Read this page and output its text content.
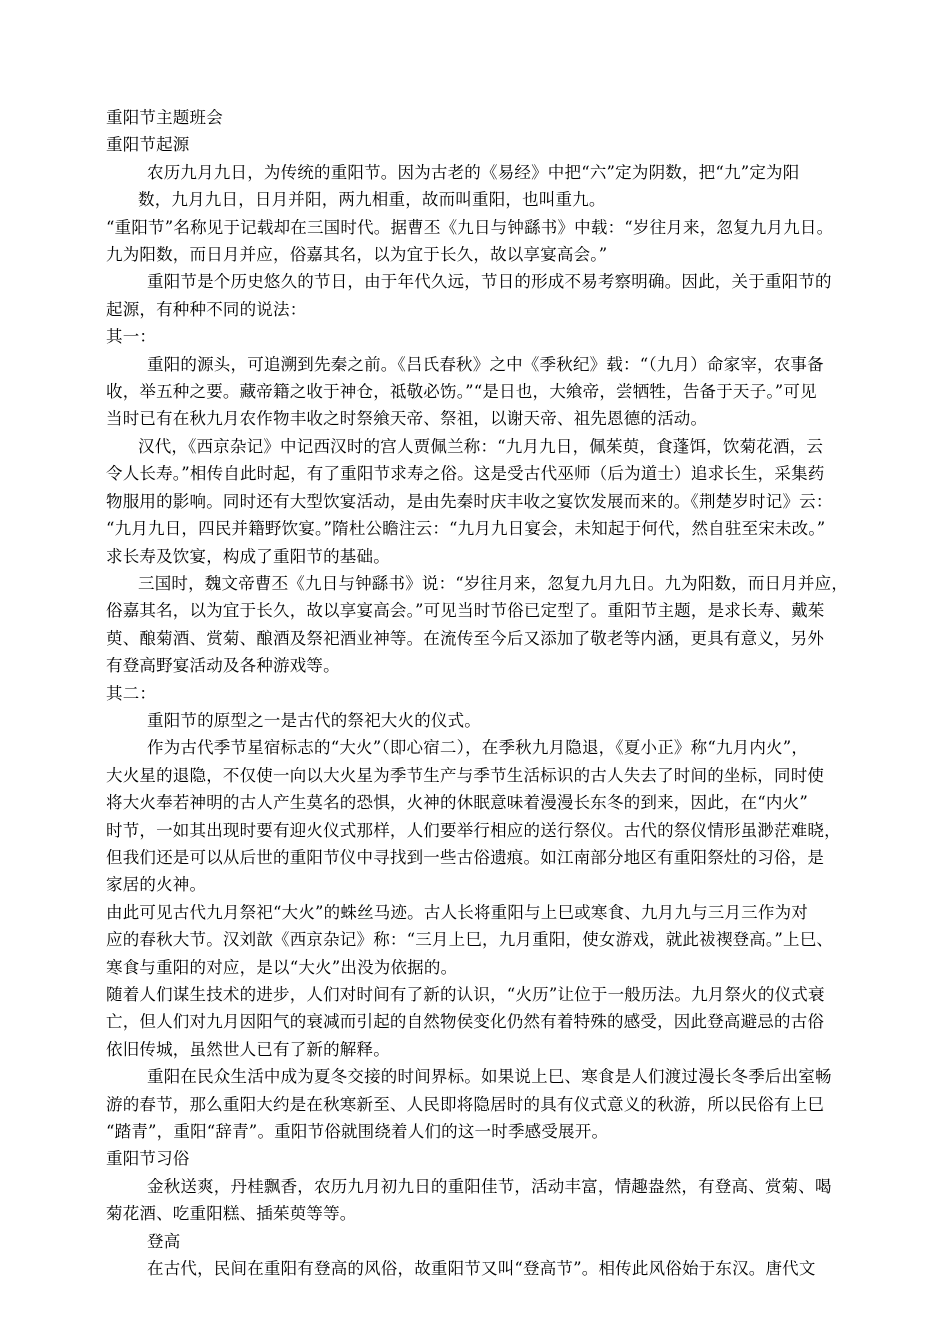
重阳节主题班会
重阳节起源
农历九月九日，为传统的重阳节。因为古老的《易经》中把“六”定为阴数，把“九”定为阳
数，九月九日，日月并阳，两九相重，故而叫重阳，也叫重九。
“重阳节”名称见于记载却在三国时代。据曹丕《九日与钟繇书》中载：“岁往月来，忽复九月九日。
九为阳数，而日月并应，俗嘉其名，以为宜于长久，故以享宴高会。”
重阳节是个历史悠久的节日，由于年代久远，节日的形成不易考察明确。因此，关于重阳节的
起源，有种种不同的说法：
其一：
重阳的源头，可追溯到先秦之前。《吕氏春秋》之中《季秋纪》载：“（九月）命家宰，农事备
收，举五种之要。藏帝籍之收于神仓，祗敬必饬。”“是日也，大飨帝，尝牺牲，告备于天子。”可见
当时已有在秋九月农作物丰收之时祭飨天帝、祭祖，以谢天帝、祖先恩德的活动。
汉代，《西京杂记》中记西汉时的宫人贾佩兰称：“九月九日，佩茱萸，食蓬饵，饮菊花酒，云
令人长寿。”相传自此时起，有了重阳节求寿之俗。这是受古代巫师（后为道士）追求长生，采集药
物服用的影响。同时还有大型饮宴活动，是由先秦时庆丰收之宴饮发展而来的。《荆楚岁时记》云：
“九月九日，四民并籍野饮宴。”隋杜公瞻注云：“九月九日宴会，未知起于何代，然自驻至宋未改。”
求长寿及饮宴，构成了重阳节的基础。
三国时，魏文帝曹丕《九日与钟繇书》说：“岁往月来，忽复九月九日。九为阳数，而日月并应，
俗嘉其名，以为宜于长久，故以享宴高会。”可见当时节俗已定型了。重阳节主题，是求长寿、戴茱
萸、酿菊酒、赏菊、酿酒及祭祀酒业神等。在流传至今后又添加了敬老等内涵，更具有意义，另外
有登高野宴活动及各种游戏等。
其二：
重阳节的原型之一是古代的祭祀大火的仪式。
作为古代季节星宿标志的“大火”（即心宿二），在季秋九月隐退，《夏小正》称“九月内火”，
大火星的退隐，不仅使一向以大火星为季节生产与季节生活标识的古人失去了时间的坐标，同时使
将大火奉若神明的古人产生莫名的恐惧，火神的休眠意味着漫漫长东冬的到来，因此，在“内火”
时节，一如其出现时要有迎火仪式那样，人们要举行相应的送行祭仪。古代的祭仪情形虽渺茫难晓，
但我们还是可以从后世的重阳节仪中寻找到一些古俗遗痕。如江南部分地区有重阳祭灶的习俗，是
家居的火神。
由此可见古代九月祭祀“大火”的蛛丝马迹。古人长将重阳与上巳或寒食、九月九与三月三作为对
应的春秋大节。汉刘歆《西京杂记》称：“三月上巳，九月重阳，使女游戏，就此祓禊登高。”上巳、
寒食与重阳的对应，是以“大火”出没为依据的。
随着人们谋生技术的进步，人们对时间有了新的认识，“火历”让位于一般历法。九月祭火的仪式衰
亡，但人们对九月因阳气的衰减而引起的自然物侯变化仍然有着特殊的感受，因此登高避忌的古俗
依旧传城，虽然世人已有了新的解释。
重阳在民众生活中成为夏冬交接的时间界标。如果说上巳、寒食是人们渡过漫长冬季后出室畅
游的春节，那么重阳大约是在秋寒新至、人民即将隐居时的具有仪式意义的秋游，所以民俗有上巳
“踏青”，重阳“辞青”。重阳节俗就围绕着人们的这一时季感受展开。
重阳节习俗
金秋送爽，丹桂飘香，农历九月初九日的重阳佳节，活动丰富，情趣盎然，有登高、赏菊、喝
菊花酒、吃重阳糕、插茱萸等等。
登高
在古代，民间在重阳有登高的风俗，故重阳节又叫“登高节”。相传此风俗始于东汉。唐代文
